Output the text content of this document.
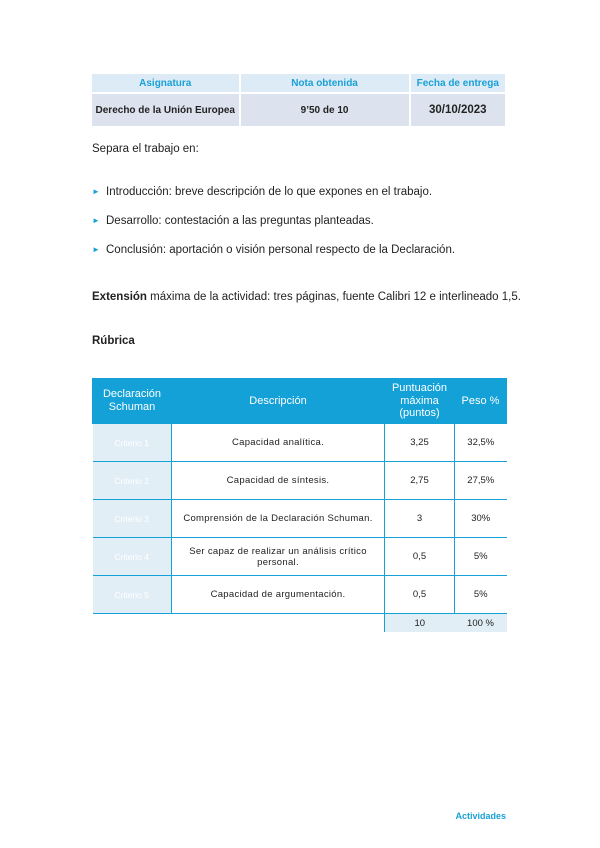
Asignatura	Nota obtenida	Fecha de entrega
Derecho de la Unión Europea	9’50 de 10	30/10/2023

Separa el trabajo en:

► Introducción: breve descripción de lo que expones en el trabajo.
► Desarrollo: contestación a las preguntas planteadas.
► Conclusión: aportación o visión personal respecto de la Declaración.

Extensión máxima de la actividad: tres páginas, fuente Calibri 12 e interlineado 1,5.

Rúbrica

Declaración Schuman	Descripción	Puntuación máxima (puntos)	Peso %
Criterio 1	Capacidad analítica.	3,25	32,5%
Criterio 2	Capacidad de síntesis.	2,75	27,5%
Criterio 3	Comprensión de la Declaración Schuman.	3	30%
Criterio 4	Ser capaz de realizar un análisis crítico personal.	0,5	5%
Criterio 5	Capacidad de argumentación.	0,5	5%
		10	100 %
Actividades
